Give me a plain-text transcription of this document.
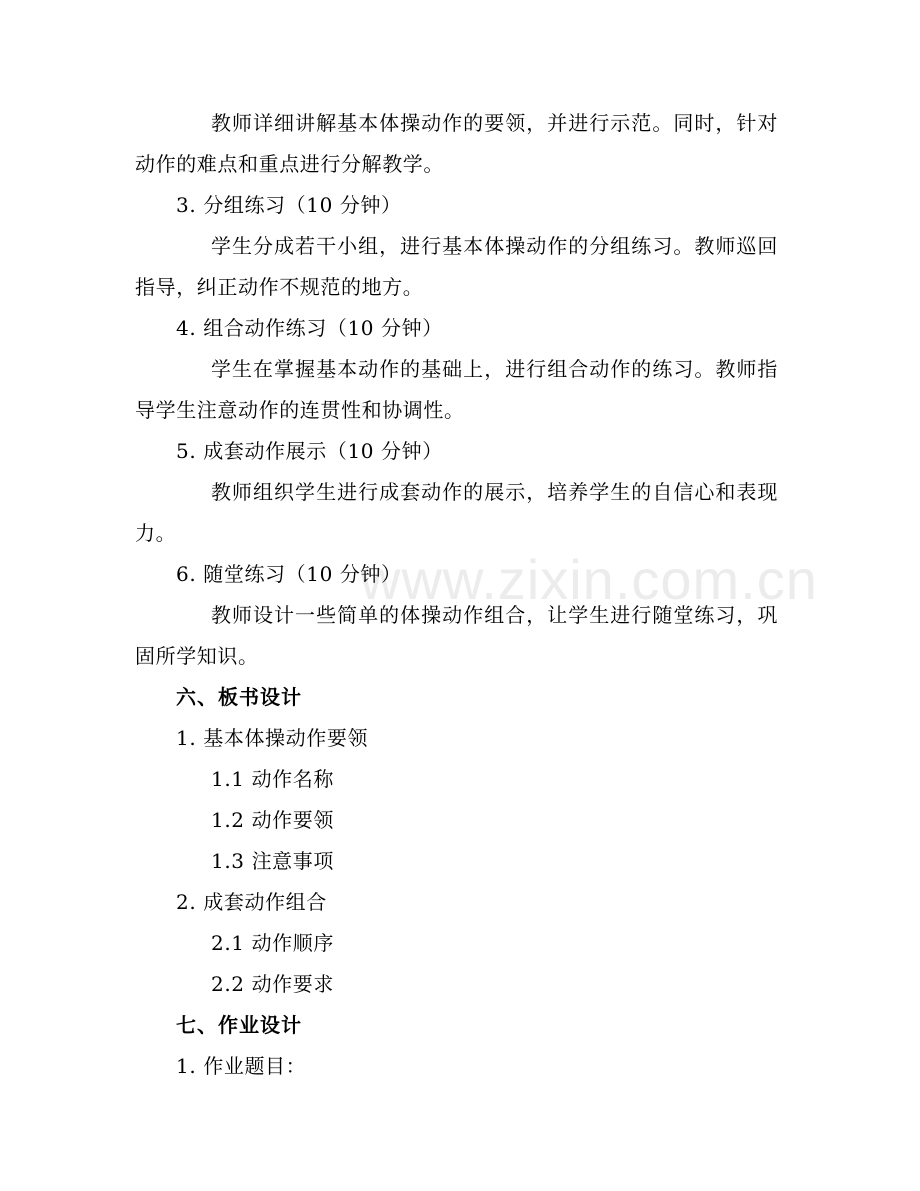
www.zixin.com.cn
教师详细讲解基本体操动作的要领，并进行示范。同时，针对
动作的难点和重点进行分解教学。
3. 分组练习（10 分钟）
学生分成若干小组，进行基本体操动作的分组练习。教师巡回
指导，纠正动作不规范的地方。
4. 组合动作练习（10 分钟）
学生在掌握基本动作的基础上，进行组合动作的练习。教师指
导学生注意动作的连贯性和协调性。
5. 成套动作展示（10 分钟）
教师组织学生进行成套动作的展示，培养学生的自信心和表现
力。
6. 随堂练习（10 分钟）
教师设计一些简单的体操动作组合，让学生进行随堂练习，巩
固所学知识。
六、板书设计
1. 基本体操动作要领
1.1 动作名称
1.2 动作要领
1.3 注意事项
2. 成套动作组合
2.1 动作顺序
2.2 动作要求
七、作业设计
1. 作业题目：
